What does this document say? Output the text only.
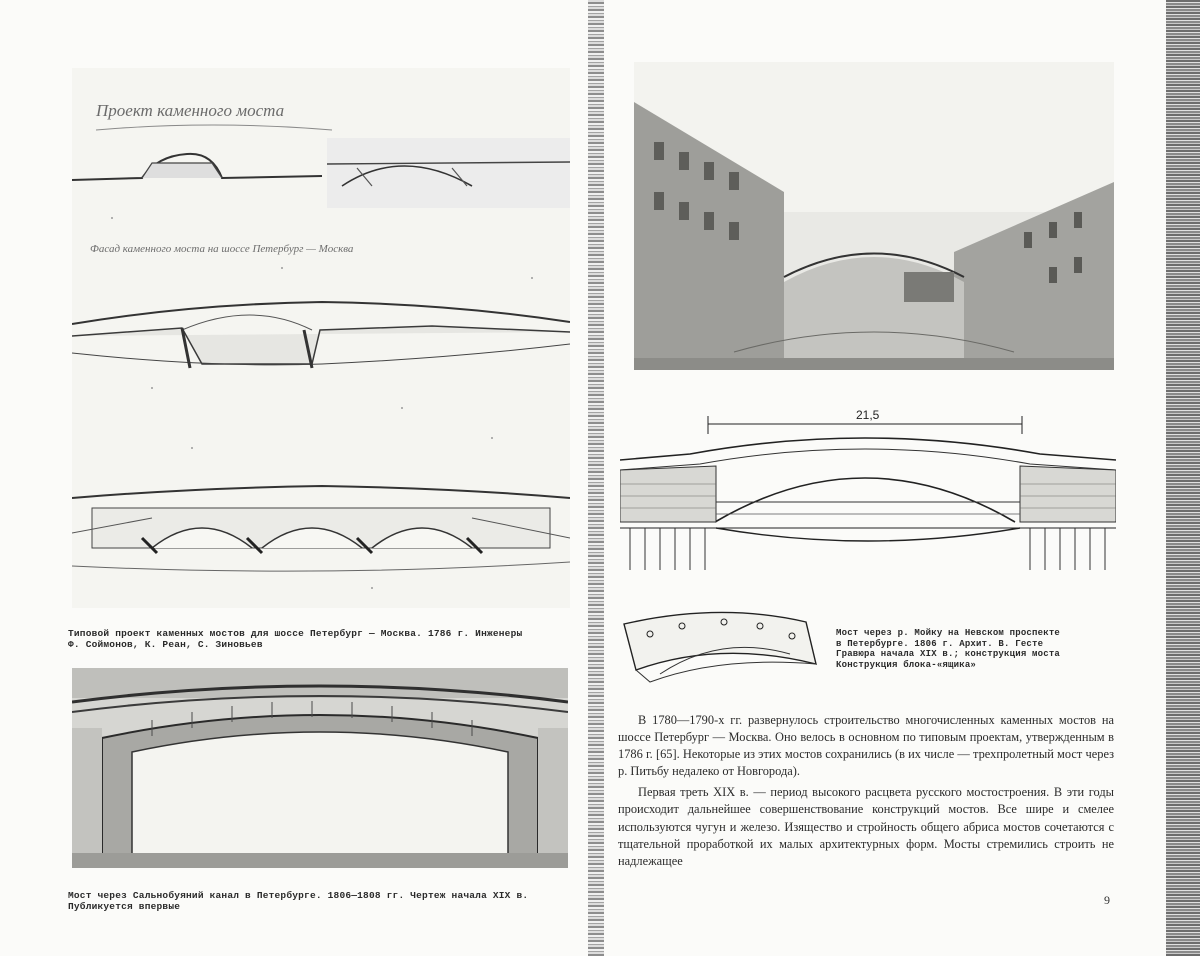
Проект каменного моста
Фасад каменного моста на шоссе Петербург — Москва

Типовой проект каменных мостов для шоссе Петербург — Москва. 1786 г. Инженеры
Ф. Соймонов, К. Реан, С. Зиновьев

Мост через Сальнобуяний канал в Петербурге. 1806—1808 гг. Чертеж начала XIX в.
Публикуется впервые

21,5

Мост через р. Мойку на Невском проспекте
в Петербурге. 1806 г. Архит. В. Гесте
Гравюра начала XIX в.; конструкция моста
Конструкция блока-«ящика»

В 1780—1790-х гг. развернулось строительство многочисленных каменных мостов на шоссе Петербург — Москва. Оно велось в основном по типовым проектам, утвержденным в 1786 г. [65]. Некоторые из этих мостов сохранились (в их числе — трехпролетный мост через р. Питьбу недалеко от Новгорода).

Первая треть XIX в. — период высокого расцвета русского мостостроения. В эти годы происходит дальнейшее совершенствование конструкций мостов. Все шире и смелее используются чугун и железо. Изящество и стройность общего абриса мостов сочетаются с тщательной проработкой их малых архитектурных форм. Мосты стремились строить не надлежащее

9
